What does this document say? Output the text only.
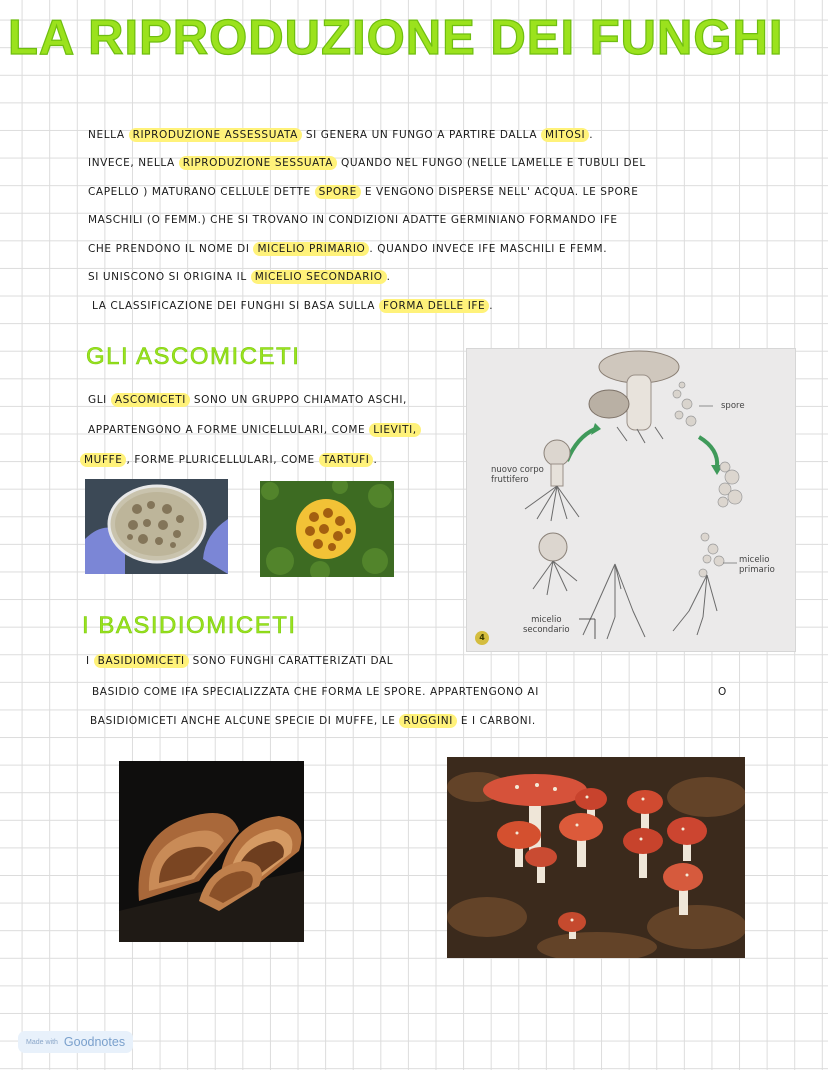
LA RIPRODUZIONE DEI FUNGHI
NELLA RIPRODUZIONE ASSESSUATA SI GENERA UN FUNGO A PARTIRE DALLA MITOSI .
INVECE, NELLA RIPRODUZIONE SESSUATA QUANDO NEL FUNGO (NELLE LAMELLE E TUBULI DEL
CAPELLO ) MATURANO CELLULE DETTE SPORE E VENGONO DISPERSE NELL' ACQUA. LE SPORE
MASCHILI (O FEMM.) CHE SI TROVANO IN CONDIZIONI ADATTE GERMINIANO FORMANDO IFE
CHE PRENDONO IL NOME DI MICELIO PRIMARIO . QUANDO INVECE IFE MASCHILI E FEMM.
SI UNISCONO SI ORIGINA IL MICELIO SECONDARIO .
LA CLASSIFICAZIONE DEI FUNGHI SI BASA SULLA FORMA DELLE IFE .
GLI ASCOMICETI
GLI ASCOMICETI SONO UN GRUPPO CHIAMATO ASCHI,
APPARTENGONO A FORME UNICELLULARI, COME LIEVITI,
MUFFE , FORME PLURICELLULARI, COME TARTUFI .
spore
nuovo corpo
fruttifero
micelio
primario
micelio
secondario
4
I BASIDIOMICETI
I BASIDIOMICETI SONO FUNGHI CARATTERIZATI DAL
BASIDIO COME IFA SPECIALIZZATA CHE FORMA LE SPORE. APPARTENGONO AI	O
BASIDIOMICETI ANCHE ALCUNE SPECIE DI MUFFE, LE RUGGINI E I CARBONI.
Made with Goodnotes
